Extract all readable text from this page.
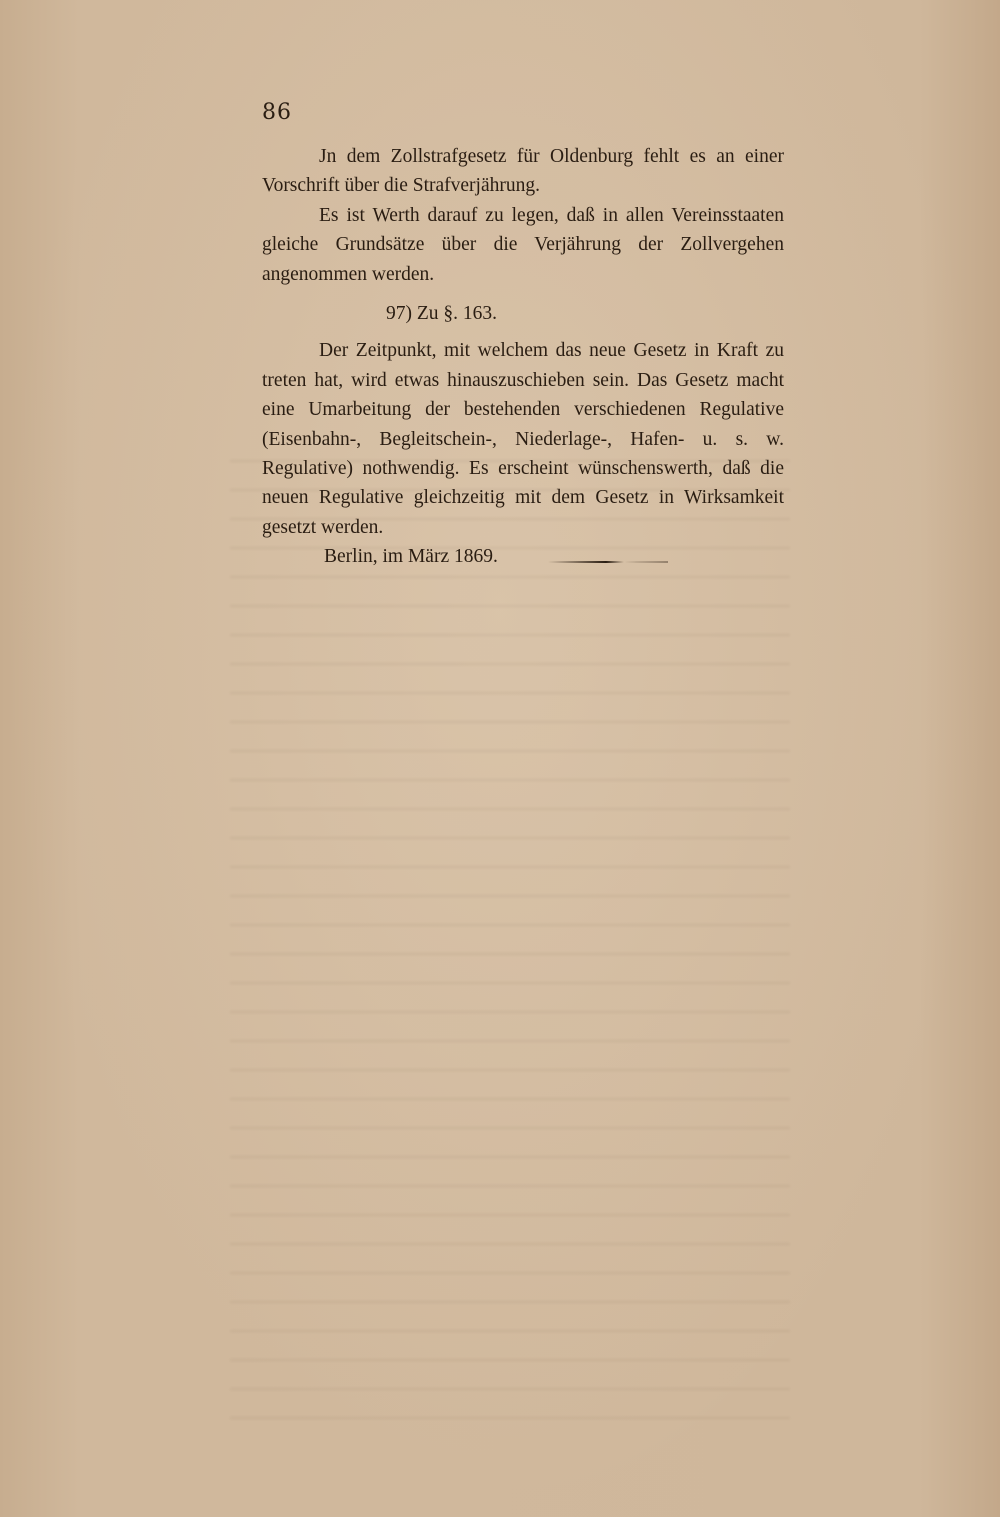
86

Jn dem Zollstrafgesetz für Oldenburg fehlt es an einer Vorschrift über die Strafverjährung.

Es ist Werth darauf zu legen, daß in allen Vereinsstaaten gleiche Grundsätze über die Verjährung der Zollvergehen angenommen werden.

97) Zu §. 163.

Der Zeitpunkt, mit welchem das neue Gesetz in Kraft zu treten hat, wird etwas hinauszuschieben sein. Das Gesetz macht eine Umarbeitung der bestehenden verschiedenen Regulative (Eisenbahn-, Begleitschein-, Niederlage-, Hafen- u. s. w. Regulative) nothwendig. Es erscheint wünschenswerth, daß die neuen Regulative gleichzeitig mit dem Gesetz in Wirksamkeit gesetzt werden.

Berlin, im März 1869.
